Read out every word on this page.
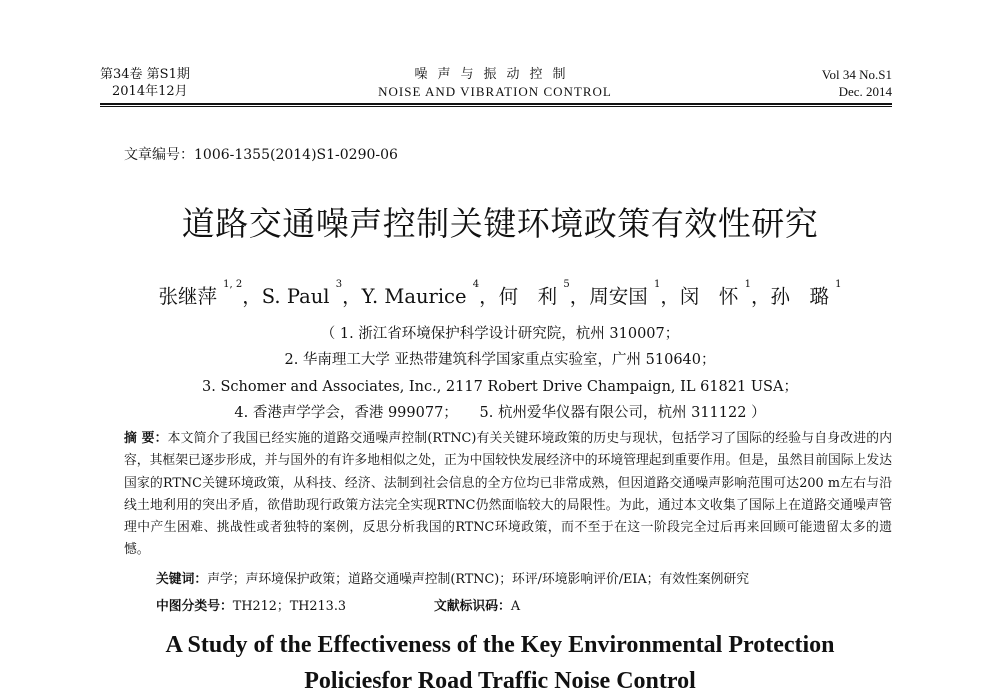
第34卷 第S1期
2014年12月
噪声与振动控制
NOISE AND VIBRATION CONTROL
Vol 34 No.S1
Dec. 2014
文章编号：1006-1355(2014)S1-0290-06
道路交通噪声控制关键环境政策有效性研究
张继萍 $^{1, 2}$，S. Paul $^3$，Y. Maurice $^4$，何　利 $^5$，周安国 $^1$，闵　怀 $^1$，孙　璐 $^1$
（ 1. 浙江省环境保护科学设计研究院，杭州 310007；
2. 华南理工大学 亚热带建筑科学国家重点实验室，广州 510640；
3. Schomer and Associates, Inc., 2117 Robert Drive Champaign, IL 61821 USA；
4. 香港声学学会，香港 999077；　　5. 杭州爱华仪器有限公司，杭州 311122 ）
摘 要：本文简介了我国已经实施的道路交通噪声控制(RTNC)有关关键环境政策的历史与现状，包括学习了国际的经验与自身改进的内容，其框架已逐步形成，并与国外的有许多地相似之处，正为中国较快发展经济中的环境管理起到重要作用。但是，虽然目前国际上发达国家的RTNC关键环境政策，从科技、经济、法制到社会信息的全方位均已非常成熟，但因道路交通噪声影响范围可达200 m左右与沿线土地利用的突出矛盾，欲借助现行政策方法完全实现RTNC仍然面临较大的局限性。为此，通过本文收集了国际上在道路交通噪声管理中产生困难、挑战性或者独特的案例，反思分析我国的RTNC环境政策，而不至于在这一阶段完全过后再来回顾可能遗留太多的遗憾。
关键词：声学；声环境保护政策；道路交通噪声控制(RTNC)；环评/环境影响评价/EIA；有效性案例研究
中图分类号：TH212；TH213.3	文献标识码：A
A Study of the Effectiveness of the Key Environmental Protection
Policiesfor Road Traffic Noise Control
